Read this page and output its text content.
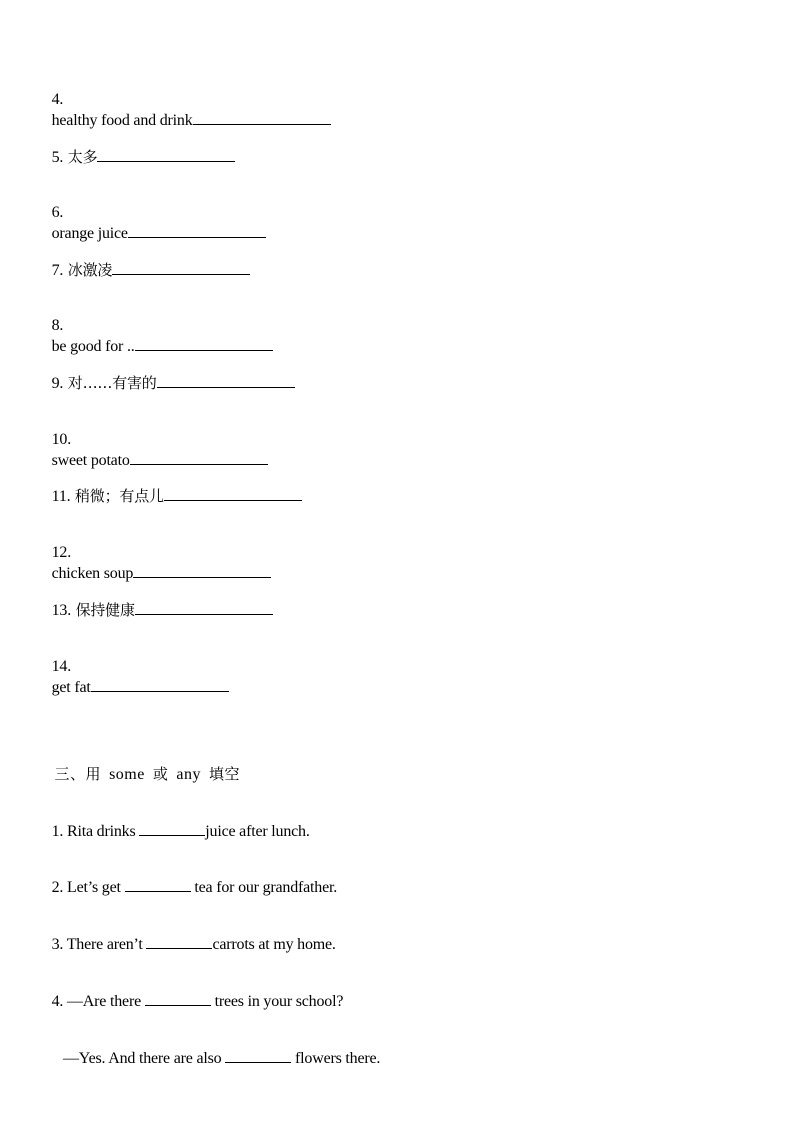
4.
healthy food and drink

5. 太多

6.
orange juice

7. 冰激凌

8.
be good for ..

9. 对……有害的

10.
sweet potato

11. 稍微；有点儿

12.
chicken soup

13. 保持健康

14.
get fat

三、用 some 或 any 填空

1. Rita drinks	juice after lunch.

2. Let’s get	tea for our grandfather.

3. There aren’t	carrots at my home.

4. —Are there	trees in your school?

—Yes. And there are also	flowers there.
